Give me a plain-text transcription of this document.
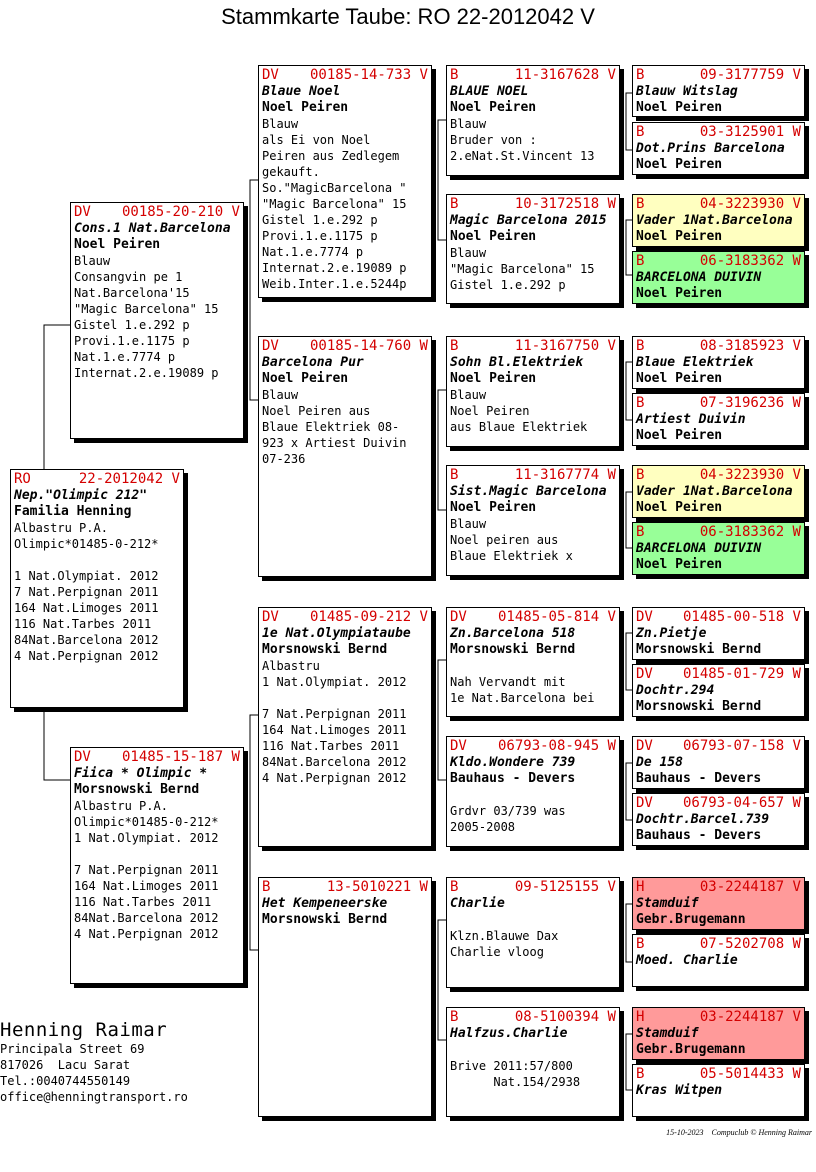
Stammkarte Taube: RO 22-2012042 V
RO	22-2012042 V
Nep."Olimpic 212"
Familia Henning
Albastru P.A.
Olimpic*01485-0-212*
1 Nat.Olympiat. 2012
7 Nat.Perpignan 2011
164 Nat.Limoges 2011
116 Nat.Tarbes 2011
84Nat.Barcelona 2012
4 Nat.Perpignan 2012
DV 00185-20-210 V
Cons.1 Nat.Barcelona
Noel Peiren
Blauw
Consangvin pe 1
Nat.Barcelona'15
"Magic Barcelona" 15
Gistel 1.e.292 p
Provi.1.e.1175 p
Nat.1.e.7774 p
Internat.2.e.19089 p
DV 01485-15-187 W
Fiica * Olimpic *
Morsnowski Bernd
Albastru P.A.
Olimpic*01485-0-212*
1 Nat.Olympiat. 2012
7 Nat.Perpignan 2011
164 Nat.Limoges 2011
116 Nat.Tarbes 2011
84Nat.Barcelona 2012
4 Nat.Perpignan 2012
DV 00185-14-733 V
Blaue Noel
Noel Peiren
Blauw
als Ei von Noel
Peiren aus Zedlegem
gekauft.
So."MagicBarcelona "
"Magic Barcelona" 15
Gistel 1.e.292 p
Provi.1.e.1175 p
Nat.1.e.7774 p
Internat.2.e.19089 p
Weib.Inter.1.e.5244p
DV 00185-14-760 W
Barcelona Pur
Noel Peiren
Blauw
Noel Peiren aus
Blaue Elektriek 08-
923 x Artiest Duivin
07-236
DV 01485-09-212 V
1e Nat.Olympiataube
Morsnowski Bernd
Albastru
1 Nat.Olympiat. 2012
7 Nat.Perpignan 2011
164 Nat.Limoges 2011
116 Nat.Tarbes 2011
84Nat.Barcelona 2012
4 Nat.Perpignan 2012
B	13-5010221 W
Het Kempeneerske
Morsnowski Bernd
B	11-3167628 V
BLAUE NOEL
Noel Peiren
Blauw
Bruder von :
2.eNat.St.Vincent 13
B	10-3172518 W
Magic Barcelona 2015
Noel Peiren
Blauw
"Magic Barcelona" 15
Gistel 1.e.292 p
B	11-3167750 V
Sohn Bl.Elektriek
Noel Peiren
Blauw
Noel Peiren
aus Blaue Elektriek
B	11-3167774 W
Sist.Magic Barcelona
Noel Peiren
Blauw
Noel peiren aus
Blaue Elektriek x
DV 01485-05-814 V
Zn.Barcelona 518
Morsnowski Bernd
Nah Vervandt mit
1e Nat.Barcelona bei
DV 06793-08-945 W
Kldo.Wondere 739
Bauhaus - Devers
Grdvr 03/739 was
2005-2008
B	09-5125155 V
Charlie
Klzn.Blauwe Dax
Charlie vloog
B	08-5100394 W
Halfzus.Charlie
Brive 2011:57/800
Nat.154/2938
B	09-3177759 V
Blauw Witslag
Noel Peiren
B	03-3125901 W
Dot.Prins Barcelona
Noel Peiren
B	04-3223930 V
Vader 1Nat.Barcelona
Noel Peiren
B	06-3183362 W
BARCELONA DUIVIN
Noel Peiren
B	08-3185923 V
Blaue Elektriek
Noel Peiren
B	07-3196236 W
Artiest Duivin
Noel Peiren
B	04-3223930 V
Vader 1Nat.Barcelona
Noel Peiren
B	06-3183362 W
BARCELONA DUIVIN
Noel Peiren
DV 01485-00-518 V
Zn.Pietje
Morsnowski Bernd
DV 01485-01-729 W
Dochtr.294
Morsnowski Bernd
DV 06793-07-158 V
De 158
Bauhaus - Devers
DV 06793-04-657 W
Dochtr.Barcel.739
Bauhaus - Devers
H	03-2244187 V
Stamduif
Gebr.Brugemann
B	07-5202708 W
Moed. Charlie
H	03-2244187 V
Stamduif
Gebr.Brugemann
B	05-5014433 W
Kras Witpen
Henning Raimar
Principala Street 69
817026  Lacu Sarat
Tel.:0040744550149
office@henningtransport.ro
15-10-2023    Compuclub © Henning Raimar
